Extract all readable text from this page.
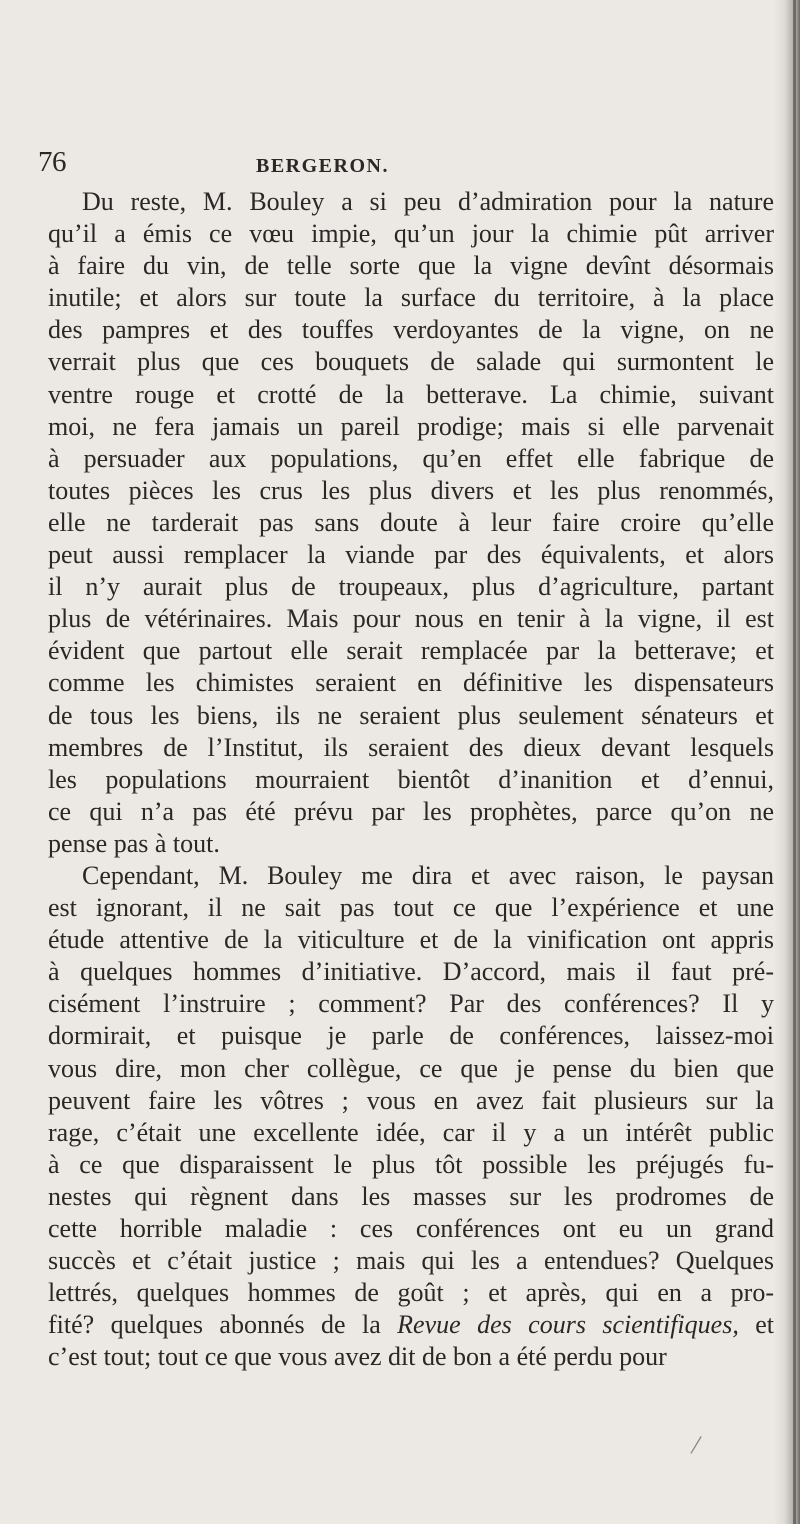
76	BERGERON.

Du reste, M. Bouley a si peu d’admiration pour la nature
qu’il a émis ce vœu impie, qu’un jour la chimie pût arriver
à faire du vin, de telle sorte que la vigne devînt désormais
inutile; et alors sur toute la surface du territoire, à la place
des pampres et des touffes verdoyantes de la vigne, on ne
verrait plus que ces bouquets de salade qui surmontent le
ventre rouge et crotté de la betterave. La chimie, suivant
moi, ne fera jamais un pareil prodige; mais si elle parvenait
à persuader aux populations, qu’en effet elle fabrique de
toutes pièces les crus les plus divers et les plus renommés,
elle ne tarderait pas sans doute à leur faire croire qu’elle
peut aussi remplacer la viande par des équivalents, et alors
il n’y aurait plus de troupeaux, plus d’agriculture, partant
plus de vétérinaires. Mais pour nous en tenir à la vigne, il est
évident que partout elle serait remplacée par la betterave; et
comme les chimistes seraient en définitive les dispensateurs
de tous les biens, ils ne seraient plus seulement sénateurs et
membres de l’Institut, ils seraient des dieux devant lesquels
les populations mourraient bientôt d’inanition et d’ennui,
ce qui n’a pas été prévu par les prophètes, parce qu’on ne
pense pas à tout.

Cependant, M. Bouley me dira et avec raison, le paysan
est ignorant, il ne sait pas tout ce que l’expérience et une
étude attentive de la viticulture et de la vinification ont appris
à quelques hommes d’initiative. D’accord, mais il faut pré-
cisément l’instruire ; comment? Par des conférences? Il y
dormirait, et puisque je parle de conférences, laissez-moi
vous dire, mon cher collègue, ce que je pense du bien que
peuvent faire les vôtres ; vous en avez fait plusieurs sur la
rage, c’était une excellente idée, car il y a un intérêt public
à ce que disparaissent le plus tôt possible les préjugés fu-
nestes qui règnent dans les masses sur les prodromes de
cette horrible maladie : ces conférences ont eu un grand
succès et c’était justice ; mais qui les a entendues? Quelques
lettrés, quelques hommes de goût ; et après, qui en a pro-
fité? quelques abonnés de la Revue des cours scientifiques, et
c’est tout; tout ce que vous avez dit de bon a été perdu pour

/
